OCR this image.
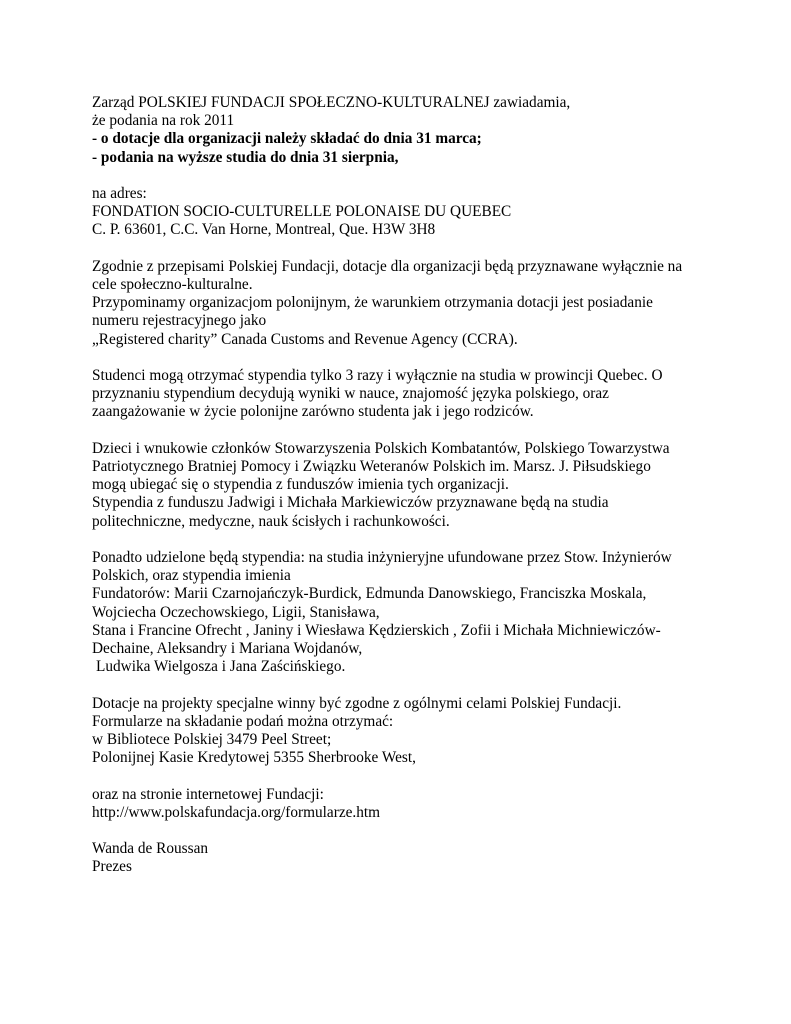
Zarząd POLSKIEJ FUNDACJI SPOŁECZNO-KULTURALNEJ zawiadamia,
że podania na rok 2011
- o dotacje dla organizacji należy składać do dnia 31 marca;
- podania na wyższe studia do dnia 31 sierpnia,
na adres:
FONDATION SOCIO-CULTURELLE POLONAISE DU QUEBEC
C. P. 63601, C.C. Van Horne, Montreal, Que. H3W 3H8
Zgodnie z przepisami Polskiej Fundacji, dotacje dla organizacji będą przyznawane wyłącznie na
cele społeczno-kulturalne.
Przypominamy organizacjom polonijnym, że warunkiem otrzymania dotacji jest posiadanie
numeru rejestracyjnego jako
„Registered charity” Canada Customs and Revenue Agency (CCRA).
Studenci mogą otrzymać stypendia tylko 3 razy i wyłącznie na studia w prowincji Quebec. O
przyznaniu stypendium decydują wyniki w nauce, znajomość języka polskiego, oraz
zaangażowanie w życie polonijne zarówno studenta jak i jego rodziców.
Dzieci i wnukowie członków Stowarzyszenia Polskich Kombatantów, Polskiego Towarzystwa
Patriotycznego Bratniej Pomocy i Związku Weteranów Polskich im. Marsz. J. Piłsudskiego
mogą ubiegać się o stypendia z funduszów imienia tych organizacji.
Stypendia z funduszu Jadwigi i Michała Markiewiczów przyznawane będą na studia
politechniczne, medyczne, nauk ścisłych i rachunkowości.
Ponadto udzielone będą stypendia: na studia inżynieryjne ufundowane przez Stow. Inżynierów
Polskich, oraz stypendia imienia
Fundatorów: Marii Czarnojańczyk-Burdick, Edmunda Danowskiego, Franciszka Moskala,
Wojciecha Oczechowskiego, Ligii, Stanisława,
Stana i Francine Ofrecht , Janiny i Wiesława Kędzierskich , Zofii i Michała Michniewiczów-
Dechaine, Aleksandry i Mariana Wojdanów,
Ludwika Wielgosza i Jana Zaścińskiego.
Dotacje na projekty specjalne winny być zgodne z ogólnymi celami Polskiej Fundacji.
Formularze na składanie podań można otrzymać:
w Bibliotece Polskiej 3479 Peel Street;
Polonijnej Kasie Kredytowej 5355 Sherbrooke West,
oraz na stronie internetowej Fundacji:
http://www.polskafundacja.org/formularze.htm
Wanda de Roussan
Prezes
